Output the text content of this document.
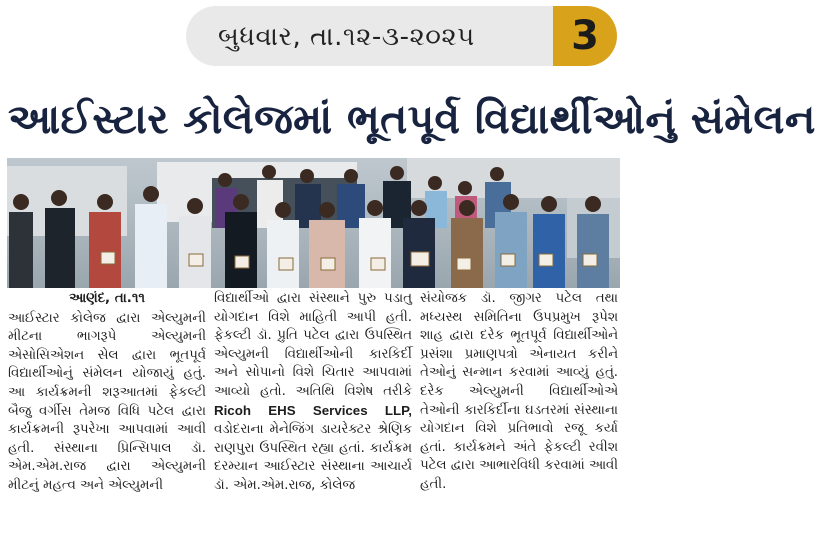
બુધવાર, તા.૧૨-૩-૨૦૨૫	3
આઈસ્ટાર કોલેજમાં ભૂતપૂર્વ વિદ્યાર્થીઓનું સંમેલન
આણંદ, તા.૧૧

આઈસ્ટાર કોલેજ દ્વારા એલ્યુમની મીટના ભાગરૂપે એલ્યુમની એસોસિએશન સેલ દ્વારા ભૂતપૂર્વ વિદ્યાર્થીઓનું સંમેલન યોજાયું હતું. આ કાર્યક્રમની શરૂઆતમાં ફેકલ્ટી બૈજુ વર્ગીસ તેમજ વિધિ પટેલ દ્વારા કાર્યક્રમની રૂપરેખા આપવામાં આવી હતી. સંસ્થાના પ્રિન્સિપાલ ડૉ. એમ.એમ.રાજ દ્વારા એલ્યુમની મીટનું મહત્વ અને એલ્યુમની

વિદ્યાર્થીઓ દ્વારા સંસ્થાને પુરુ પડાતુ યોગદાન વિશે માહિતી આપી હતી. ફેકલ્ટી ડૉ. પ્રુતિ પટેલ દ્વારા ઉપસ્થિત એલ્યુમની વિદ્યાર્થીઓની કારકિર્દી અને સોપાનો વિશે ચિતાર આપવામાં આવ્યો હતો. અતિથિ વિશેષ તરીકે Ricoh EHS Services LLP, વડોદરાના મેનેજિંગ ડાયરેક્ટર શ્રેણિક રાણપુરા ઉપસ્થિત રહ્યા હતાં. કાર્યક્રમ દરમ્યાન આઈસ્ટાર સંસ્થાના આચાર્ય ડૉ. એમ.એમ.રાજ, કોલેજ

સંયોજક ડૉ. જીગર પટેલ તથા મધ્યસ્થ સમિતિના ઉપપ્રમુખ રૂપેશ શાહ દ્વારા દરેક ભૂતપૂર્વ વિદ્યાર્થીઓને પ્રસંશા પ્રમાણપત્રો એનાયત કરીને તેઓનું સન્માન કરવામાં આવ્યું હતું. દરેક એલ્યુમની વિદ્યાર્થીઓએ તેઓની કારકિર્દીના ઘડતરમાં સંસ્થાના યોગદાન વિશે પ્રતિભાવો રજૂ કર્યા હતાં. કાર્યક્રમને અંતે ફેકલ્ટી રવીશ પટેલ દ્વારા આભારવિધી કરવામાં આવી હતી.
